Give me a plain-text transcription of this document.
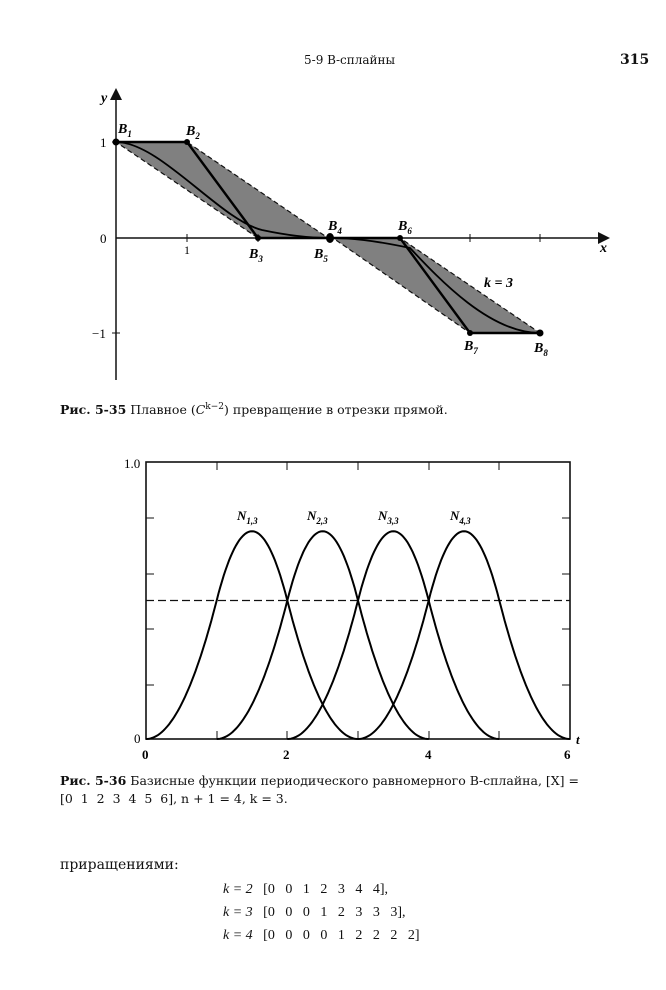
5-9 В-сплайны	315
y
x
1
1
0
−1
$B_1$	$B_2$
$B_3$
$B_4$
$B_5$
$B_6$
$B_7$	$B_8$
k = 3
Рис. 5-35 Плавное $(C^{k-2})$ превращение в отрезки прямой.
1.0
0
0	2	4	6
t
$N_{1,3}$	$N_{2,3}$	$N_{3,3}$	$N_{4,3}$
Рис. 5-36 Базисные функции периодического равномерного В-сплайна, [X] =
[0  1  2  3  4  5  6], n + 1 = 4, k = 3.
приращениями:
k = 2 [0   0   1   2   3   4   4],
k = 3 [0   0   0   1   2   3   3   3],
k = 4 [0   0   0   0   1   2   2   2   2]
